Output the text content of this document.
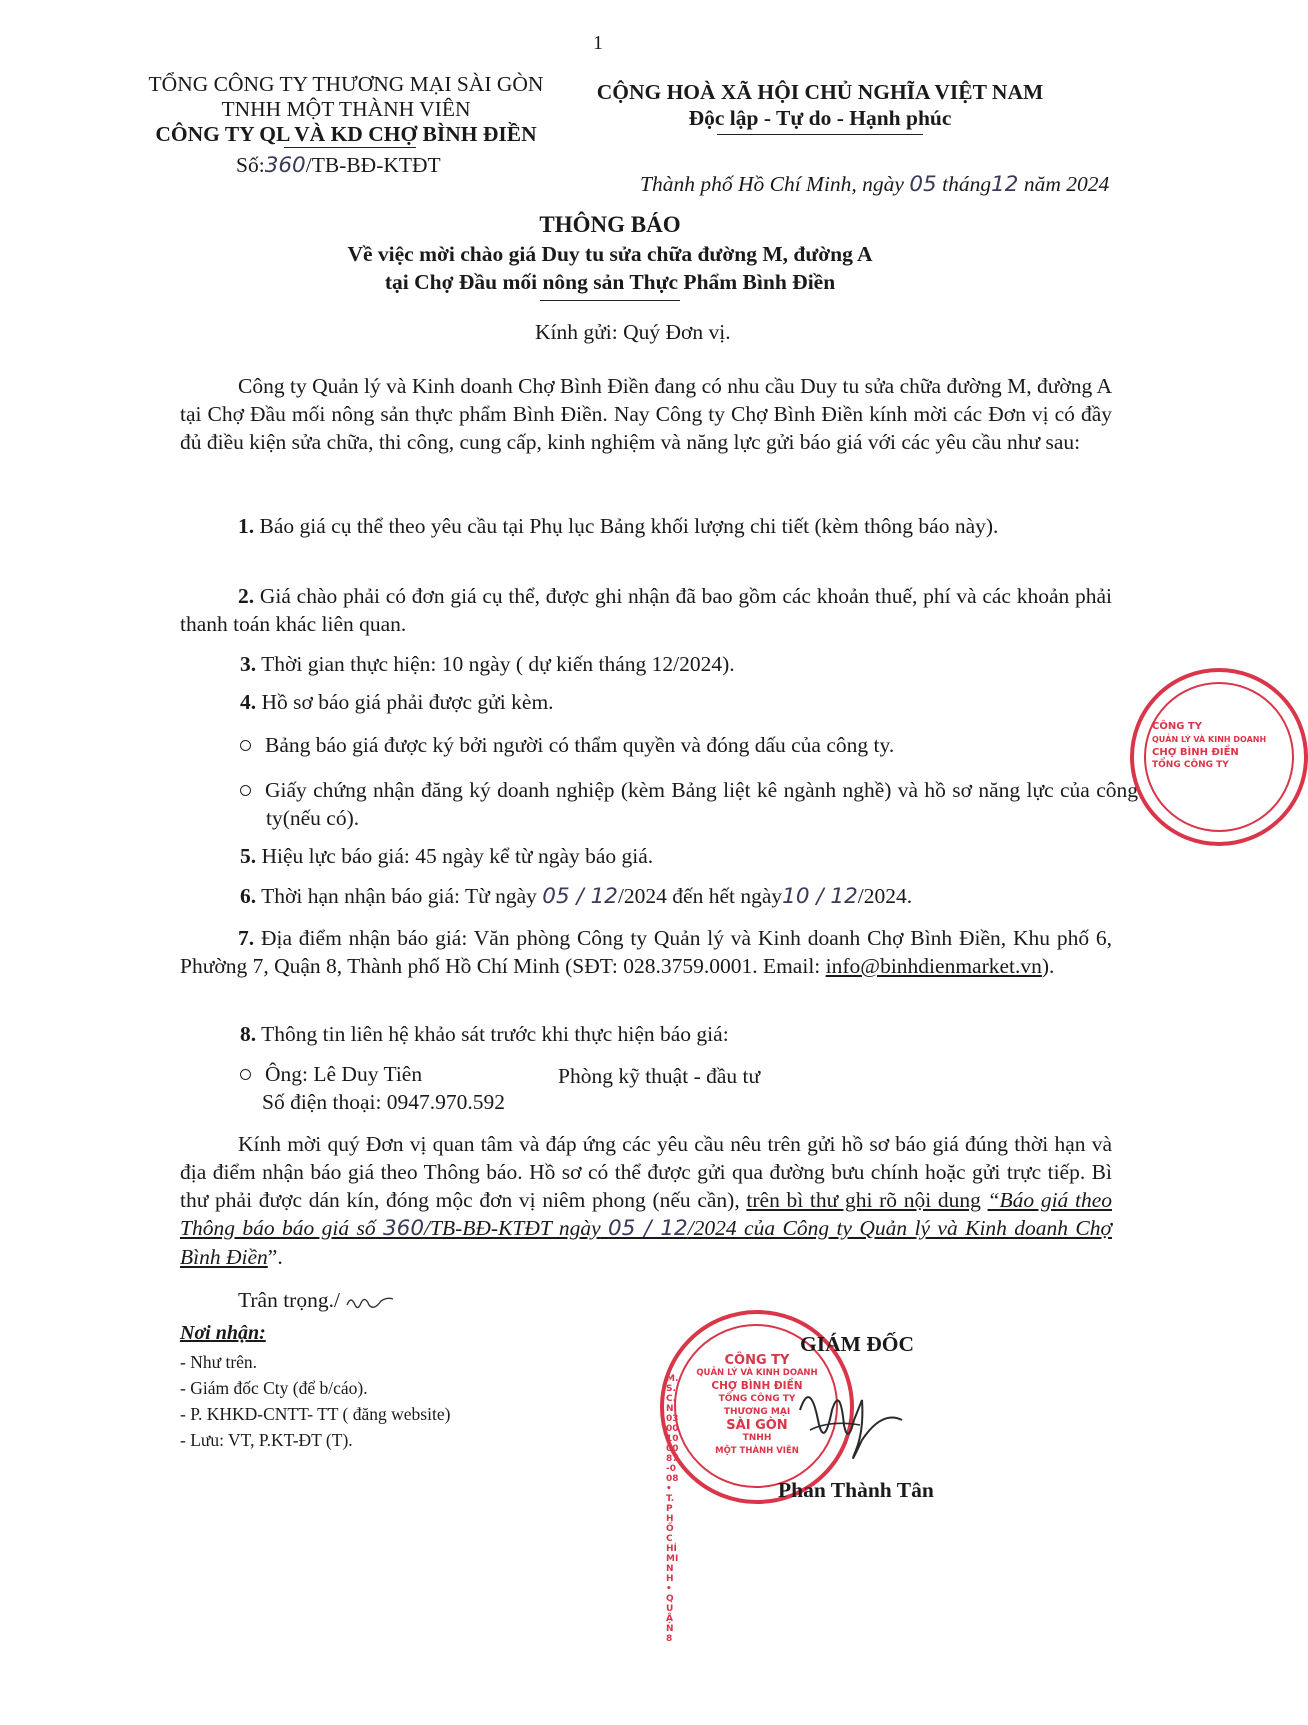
1
TỔNG CÔNG TY THƯƠNG MẠI SÀI GÒN
TNHH MỘT THÀNH VIÊN
CÔNG TY QL VÀ KD CHỢ BÌNH ĐIỀN
Số:360/TB-BĐ-KTĐT
CỘNG HOÀ XÃ HỘI CHỦ NGHĨA VIỆT NAM
Độc lập - Tự do - Hạnh phúc
Thành phố Hồ Chí Minh, ngày 05 tháng12 năm 2024
THÔNG BÁO
Về việc mời chào giá Duy tu sửa chữa đường M, đường A
tại Chợ Đầu mối nông sản Thực Phẩm Bình Điền
Kính gửi: Quý Đơn vị.
Công ty Quản lý và Kinh doanh Chợ Bình Điền đang có nhu cầu Duy tu sửa chữa đường M, đường A tại Chợ Đầu mối nông sản thực phẩm Bình Điền. Nay Công ty Chợ Bình Điền kính mời các Đơn vị có đầy đủ điều kiện sửa chữa, thi công, cung cấp, kinh nghiệm và năng lực gửi báo giá với các yêu cầu như sau:
1. Báo giá cụ thể theo yêu cầu tại Phụ lục Bảng khối lượng chi tiết (kèm thông báo này).
2. Giá chào phải có đơn giá cụ thể, được ghi nhận đã bao gồm các khoản thuế, phí và các khoản phải thanh toán khác liên quan.
3. Thời gian thực hiện: 10 ngày ( dự kiến tháng 12/2024).
4. Hồ sơ báo giá phải được gửi kèm.
Bảng báo giá được ký bởi người có thẩm quyền và đóng dấu của công ty.
Giấy chứng nhận đăng ký doanh nghiệp (kèm Bảng liệt kê ngành nghề) và hồ sơ năng lực của công ty(nếu có).
5. Hiệu lực báo giá: 45 ngày kể từ ngày báo giá.
6. Thời hạn nhận báo giá: Từ ngày 05 / 12/2024 đến hết ngày10 / 12/2024.
7. Địa điểm nhận báo giá: Văn phòng Công ty Quản lý và Kinh doanh Chợ Bình Điền, Khu phố 6, Phường 7, Quận 8, Thành phố Hồ Chí Minh (SĐT: 028.3759.0001. Email: info@binhdienmarket.vn).
8. Thông tin liên hệ khảo sát trước khi thực hiện báo giá:
Ông: Lê Duy Tiên	Phòng kỹ thuật - đầu tư
Số điện thoại: 0947.970.592
Kính mời quý Đơn vị quan tâm và đáp ứng các yêu cầu nêu trên gửi hồ sơ báo giá đúng thời hạn và địa điểm nhận báo giá theo Thông báo. Hồ sơ có thể được gửi qua đường bưu chính hoặc gửi trực tiếp. Bì thư phải được dán kín, đóng mộc đơn vị niêm phong (nếu cần), trên bì thư ghi rõ nội dung “Báo giá theo Thông báo báo giá số 360/TB-BĐ-KTĐT ngày 05 / 12/2024 của Công ty Quản lý và Kinh doanh Chợ Bình Điền”.
Trân trọng./
Nơi nhận:
- Như trên.
- Giám đốc Cty (để b/cáo).
- P. KHKD-CNTT- TT ( đăng website)
- Lưu: VT, P.KT-ĐT (T).
CÔNG TY
QUẢN LÝ VÀ KINH DOANH
CHỢ BÌNH ĐIỀN
TỔNG CÔNG TY
THƯƠNG MẠI
SÀI GÒN
TNHH
MỘT THÀNH VIÊN
M.S.C.N:0300100087-008 • T.P HỒ CHÍ MINH • QUẬN 8
GIÁM ĐỐC
Phan Thành Tân
CÔNG TY
QUẢN LÝ VÀ KINH DOANH
CHỢ BÌNH ĐIỀN
TỔNG CÔNG TY
